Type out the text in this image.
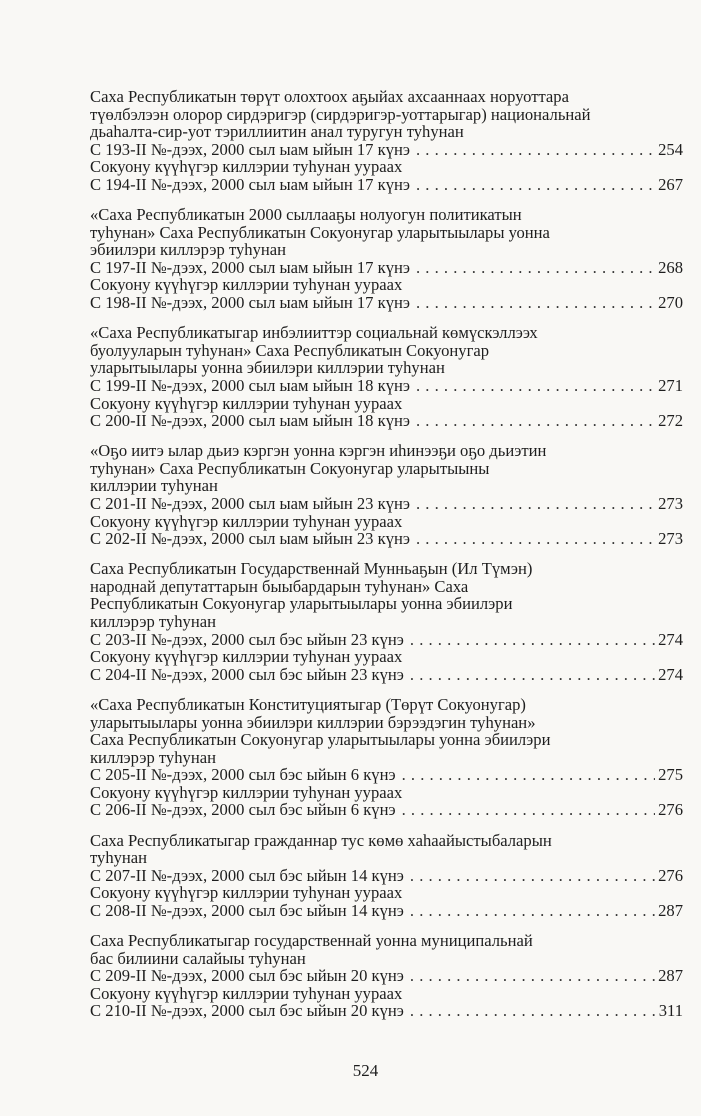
Саха Республикатын төрүт олохтоох аҕыйах ахсааннаах норуоттара
түөлбэлээн олорор сирдэригэр (сирдэригэр-уоттарыгар) национальнай
дьаһалта-сир-уот тэриллиитин анал туругун туһунан
С 193-II №-дээх, 2000 сыл ыам ыйын 17 күнэ . . .	254
Сокуону күүһүгэр киллэрии туһунан уураах
С 194-II №-дээх, 2000 сыл ыам ыйын 17 күнэ . . .	267
«Саха Республикатын 2000 сыллааҕы нолуогун политикатын
туһунан» Саха Республикатын Сокуонугар уларытыылары уонна
эбиилэри киллэрэр туһунан
С 197-II №-дээх, 2000 сыл ыам ыйын 17 күнэ . . .	268
Сокуону күүһүгэр киллэрии туһунан уураах
С 198-II №-дээх, 2000 сыл ыам ыйын 17 күнэ . . .	270
«Саха Республикатыгар инбэлииттэр социальнай көмүскэллээх
буолууларын туһунан» Саха Республикатын Сокуонугар
уларытыылары уонна эбиилэри киллэрии туһунан
С 199-II №-дээх, 2000 сыл ыам ыйын 18 күнэ . . .	271
Сокуону күүһүгэр киллэрии туһунан уураах
С 200-II №-дээх, 2000 сыл ыам ыйын 18 күнэ . . .	272
«Оҕо иитэ ылар дьиэ кэргэн уонна кэргэн иһинээҕи оҕо дьиэтин
туһунан» Саха Республикатын Сокуонугар уларытыыны
киллэрии туһунан
С 201-II №-дээх, 2000 сыл ыам ыйын 23 күнэ . . .	273
Сокуону күүһүгэр киллэрии туһунан уураах
С 202-II №-дээх, 2000 сыл ыам ыйын 23 күнэ . . .	273
Саха Республикатын Государственнай Мунньаҕын (Ил Түмэн)
народнай депутаттарын быыбардарын туһунан» Саха
Республикатын Сокуонугар уларытыылары уонна эбиилэри
киллэрэр туһунан
С 203-II №-дээх, 2000 сыл бэс ыйын 23 күнэ . . .	274
Сокуону күүһүгэр киллэрии туһунан уураах
С 204-II №-дээх, 2000 сыл бэс ыйын 23 күнэ . . .	274
«Саха Республикатын Конституциятыгар (Төрүт Сокуонугар)
уларытыылары уонна эбиилэри киллэрии бэрээдэгин туһунан»
Саха Республикатын Сокуонугар уларытыылары уонна эбиилэри
киллэрэр туһунан
С 205-II №-дээх, 2000 сыл бэс ыйын 6 күнэ . . .	275
Сокуону күүһүгэр киллэрии туһунан уураах
С 206-II №-дээх, 2000 сыл бэс ыйын 6 күнэ . . .	276
Саха Республикатыгар гражданнар тус көмө хаһаайыстыбаларын
туһунан
С 207-II №-дээх, 2000 сыл бэс ыйын 14 күнэ . . .	276
Сокуону күүһүгэр киллэрии туһунан уураах
С 208-II №-дээх, 2000 сыл бэс ыйын 14 күнэ . . .	287
Саха Республикатыгар государственнай уонна муниципальнай
бас билиини салайыы туһунан
С 209-II №-дээх, 2000 сыл бэс ыйын 20 күнэ . . .	287
Сокуону күүһүгэр киллэрии туһунан уураах
С 210-II №-дээх, 2000 сыл бэс ыйын 20 күнэ . . .	311
524
